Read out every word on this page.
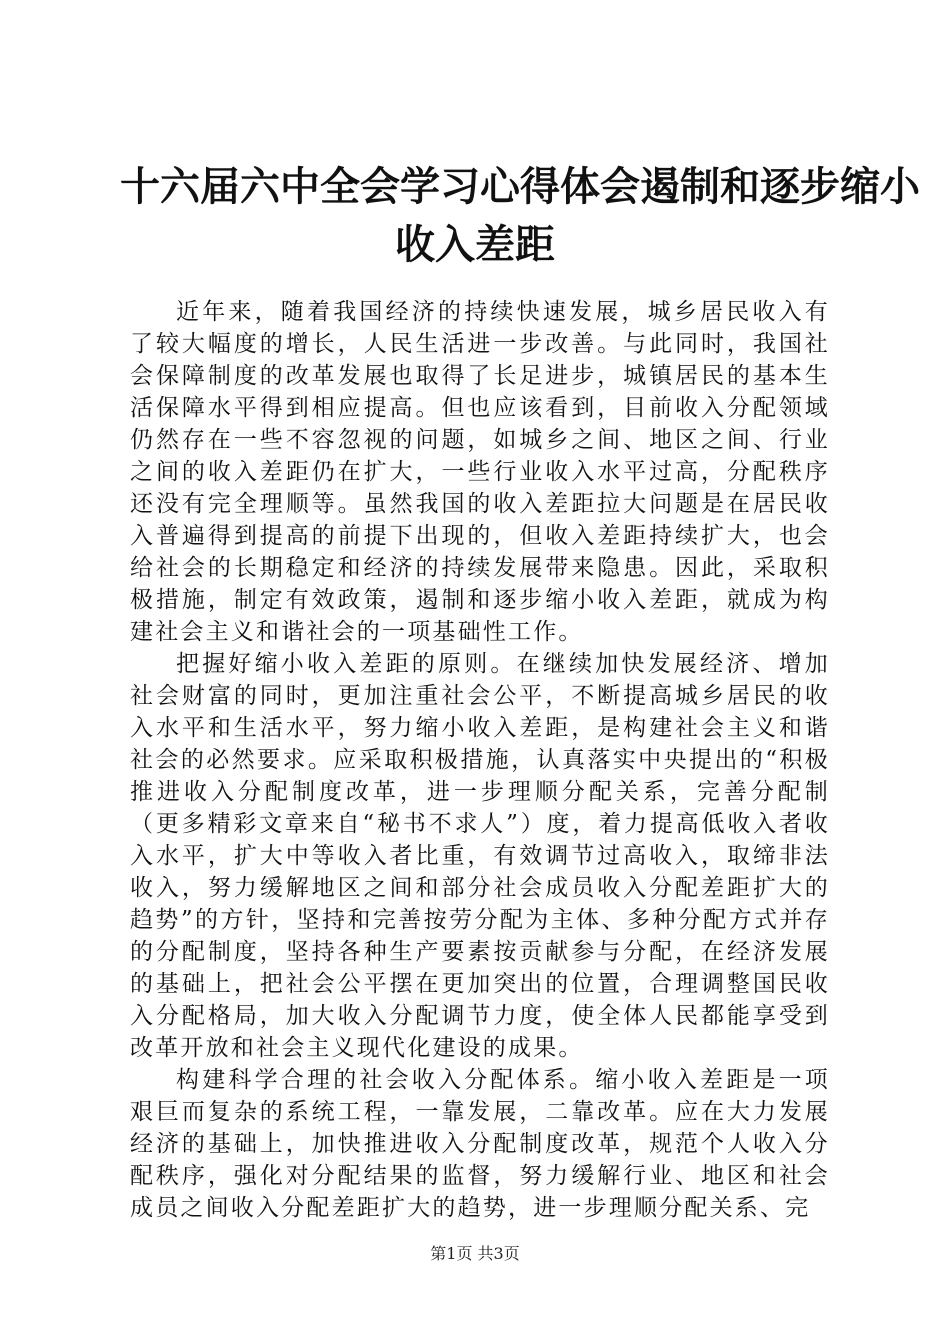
十六届六中全会学习心得体会遏制和逐步缩小
收入差距

近年来，随着我国经济的持续快速发展，城乡居民收入有了较大幅度的增长，人民生活进一步改善。与此同时，我国社会保障制度的改革发展也取得了长足进步，城镇居民的基本生活保障水平得到相应提高。但也应该看到，目前收入分配领域仍然存在一些不容忽视的问题，如城乡之间、地区之间、行业之间的收入差距仍在扩大，一些行业收入水平过高，分配秩序还没有完全理顺等。虽然我国的收入差距拉大问题是在居民收入普遍得到提高的前提下出现的，但收入差距持续扩大，也会给社会的长期稳定和经济的持续发展带来隐患。因此，采取积极措施，制定有效政策，遏制和逐步缩小收入差距，就成为构建社会主义和谐社会的一项基础性工作。

把握好缩小收入差距的原则。在继续加快发展经济、增加社会财富的同时，更加注重社会公平，不断提高城乡居民的收入水平和生活水平，努力缩小收入差距，是构建社会主义和谐社会的必然要求。应采取积极措施，认真落实中央提出的“积极推进收入分配制度改革，进一步理顺分配关系，完善分配制（更多精彩文章来自“秘书不求人”）度，着力提高低收入者收入水平，扩大中等收入者比重，有效调节过高收入，取缔非法收入，努力缓解地区之间和部分社会成员收入分配差距扩大的趋势”的方针，坚持和完善按劳分配为主体、多种分配方式并存的分配制度，坚持各种生产要素按贡献参与分配，在经济发展的基础上，把社会公平摆在更加突出的位置，合理调整国民收入分配格局，加大收入分配调节力度，使全体人民都能享受到改革开放和社会主义现代化建设的成果。

构建科学合理的社会收入分配体系。缩小收入差距是一项艰巨而复杂的系统工程，一靠发展，二靠改革。应在大力发展经济的基础上，加快推进收入分配制度改革，规范个人收入分配秩序，强化对分配结果的监督，努力缓解行业、地区和社会成员之间收入分配差距扩大的趋势，进一步理顺分配关系、完

第1页 共3页
